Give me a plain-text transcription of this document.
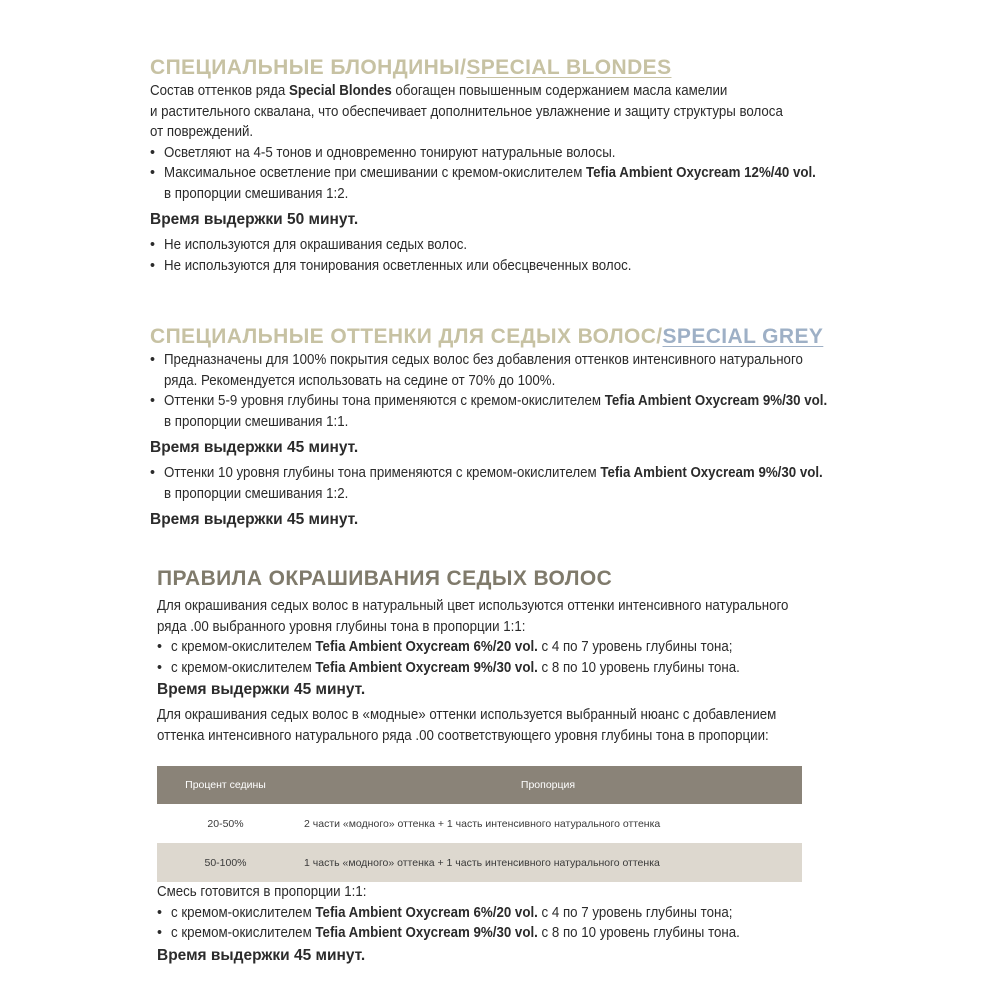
СПЕЦИАЛЬНЫЕ БЛОНДИНЫ/SPECIAL BLONDES

Состав оттенков ряда Special Blondes обогащен повышенным содержанием масла камелии

и растительного сквалана, что обеспечивает дополнительное увлажнение и защиту структуры волоса

от повреждений.

• Осветляют на 4-5 тонов и одновременно тонируют натуральные волосы.
• Максимальное осветление при смешивании с кремом-окислителем Tefia Ambient Oxycream 12%/40 vol.
в пропорции смешивания 1:2.

Время выдержки 50 минут.

• Не используются для окрашивания седых волос.
• Не используются для тонирования осветленных или обесцвеченных волос.
СПЕЦИАЛЬНЫЕ ОТТЕНКИ ДЛЯ СЕДЫХ ВОЛОС/SPECIAL GREY
• Предназначены для 100% покрытия седых волос без добавления оттенков интенсивного натурального
ряда. Рекомендуется использовать на седине от 70% до 100%.
• Оттенки 5-9 уровня глубины тона применяются с кремом-окислителем Tefia Ambient Oxycream 9%/30 vol.
в пропорции смешивания 1:1.

Время выдержки 45 минут.

• Оттенки 10 уровня глубины тона применяются с кремом-окислителем Tefia Ambient Oxycream 9%/30 vol.
в пропорции смешивания 1:2.

Время выдержки 45 минут.

ПРАВИЛА ОКРАШИВАНИЯ СЕДЫХ ВОЛОС

Для окрашивания седых волос в натуральный цвет используются оттенки интенсивного натурального

ряда .00 выбранного уровня глубины тона в пропорции 1:1:

• с кремом-окислителем Tefia Ambient Oxycream 6%/20 vol. с 4 по 7 уровень глубины тона;
• с кремом-окислителем Tefia Ambient Oxycream 9%/30 vol. с 8 по 10 уровень глубины тона.

Время выдержки 45 минут.

Для окрашивания седых волос в «модные» оттенки используется выбранный нюанс с добавлением

оттенка интенсивного натурального ряда .00 соответствующего уровня глубины тона в пропорции:

Процент седины	Пропорция
20-50%	2 части «модного» оттенка + 1 часть интенсивного натурального оттенка
50-100%	1 часть «модного» оттенка + 1 часть интенсивного натурального оттенка

Смесь готовится в пропорции 1:1:

• с кремом-окислителем Tefia Ambient Oxycream 6%/20 vol. с 4 по 7 уровень глубины тона;
• с кремом-окислителем Tefia Ambient Oxycream 9%/30 vol. с 8 по 10 уровень глубины тона.

Время выдержки 45 минут.
